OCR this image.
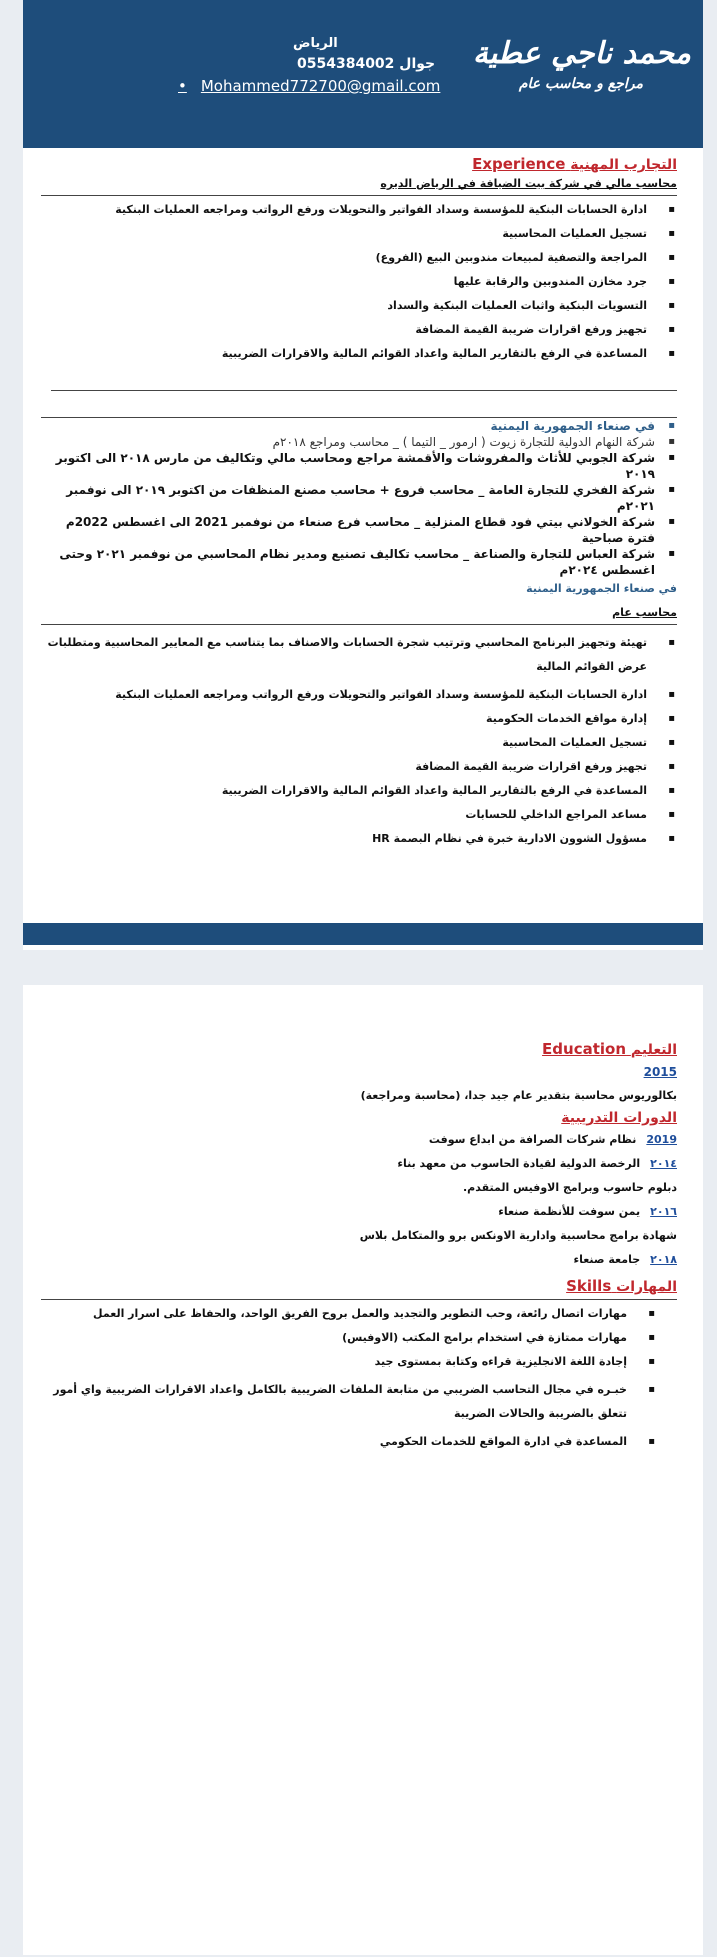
محمد ناجي عطية
مراجع و محاسب عام
الرياض
جوال 0554384002
• Mohammed772700@gmail.com
التجارب المهنية Experience
محاسب مالي في شركة بيت الضيافة في الرياض الديره
▪ ادارة الحسابات البنكية للمؤسسة وسداد الفواتير والتحويلات ورفع الرواتب ومراجعه العمليات البنكية
▪ تسجيل العمليات المحاسبية
▪ المراجعة والتصفية لمبيعات مندوبين البيع (الفروع)
▪ جرد مخازن المندوبين والرقابة عليها
▪ التسويات البنكية واثبات العمليات البنكية والسداد
▪ تجهيز ورفع اقرارات ضريبة القيمة المضافة
▪ المساعدة في الرفع بالتقارير المالية واعداد القوائم المالية والاقرارات الضريبية
▪ في صنعاء الجمهورية اليمنية
▪ شركة النهام الدولية للتجارة زيوت ( ارمور _ التيما ) _ محاسب ومراجع ٢٠١٨م
▪ شركة الجوبي للأثاث والمفروشات والأقمشة مراجع ومحاسب مالي وتكاليف من مارس ٢٠١٨ الى اكتوبر ٢٠١٩
▪ شركة الفخري للتجارة العامة _ محاسب فروع + محاسب مصنع المنظفات من اكتوبر ٢٠١٩ الى نوفمبر ٢٠٢١م
▪ شركة الخولاني بيتي فود قطاع المنزلية _ محاسب فرع صنعاء من نوفمبر 2021 الى اغسطس 2022م فترة صباحية
▪ شركة العباس للتجارة والصناعة _ محاسب تكاليف تصنيع ومدير نظام المحاسبي من نوفمبر ٢٠٢١ وحتى اغسطس ٢٠٢٤م
في صنعاء الجمهورية اليمنية
محاسب عام
▪ تهيئة وتجهيز البرنامج المحاسبي وترتيب شجرة الحسابات والاصناف بما يتناسب مع المعايير المحاسبية ومتطلبات عرض القوائم المالية
▪ ادارة الحسابات البنكية للمؤسسة وسداد الفواتير والتحويلات ورفع الرواتب ومراجعه العمليات البنكية
▪ إدارة مواقع الخدمات الحكومية
▪ تسجيل العمليات المحاسبية
▪ تجهيز ورفع اقرارات ضريبة القيمة المضافة
▪ المساعدة في الرفع بالتقارير المالية واعداد القوائم المالية والاقرارات الضريبية
▪ مساعد المراجع الداخلي للحسابات
▪ مسؤول الشوون الادارية خبرة في نظام البصمة HR
التعليم Education
2015
بكالوريوس محاسبة بتقدير عام جيد جدا، (محاسبة ومراجعة)
الدورات التدريبية
2019نظام شركات الصرافة من ابداع سوفت
٢٠١٤الرخصة الدولية لقيادة الحاسوب من معهد بناء
دبلوم حاسوب وبرامج الاوفيس المتقدم.
٢٠١٦يمن سوفت للأنظمة صنعاء
شهادة برامج محاسبية وادارية الاونكس برو والمتكامل بلاس
٢٠١٨جامعة صنعاء
المهارات Skills
▪ مهارات اتصال رائعة، وحب التطوير والتجديد والعمل بروح الفريق الواحد، والحفاظ على اسرار العمل
▪ مهارات ممتازة في استخدام برامج المكتب (الاوفيس)
▪ إجادة اللغة الانجليزية قراءه وكتابة بمستوى جيد
▪ خبـره في مجال التحاسب الضريبي من متابعة الملفات الضريبية بالكامل واعداد الاقرارات الضريبية واي أمور تتعلق بالضريبة والحالات الضريبة
▪ المساعدة في ادارة المواقع للخدمات الحكومي
